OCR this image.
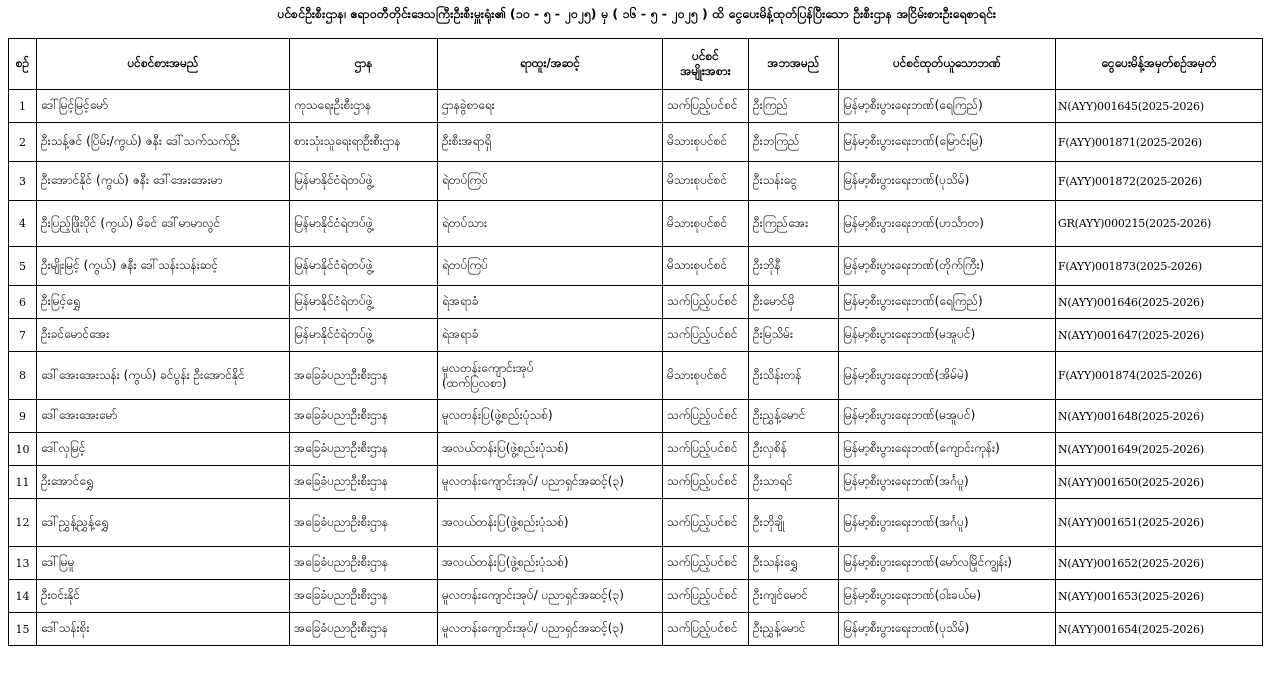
ပင်စင်ဦးစီးဌာန၊ ဧရာဝတီတိုင်းဒေသကြီးဦးစီးမှူးရုံး၏ (၁၀ - ၅ - ၂၀၂၅) မှ ( ၁၆ - ၅ - ၂၀၂၅ ) ထိ ငွေပေးမိန့်ထုတ်ပြန်ပြီးသော ဦးစီးဌာန အငြိမ်းစားဦးရေစာရင်း
စဉ်	ပင်စင်စားအမည်	ဌာန	ရာထူး/အဆင့်	ပင်စင်
အမျိုးအစား	အဘအမည်	ပင်စင်ထုတ်ယူသောဘဏ်	ငွေပေးမိန့်အမှတ်စဉ်အမှတ်
1	ဒေါ်မြင့်မြင့်မော်	ကုသရေးဦးစီးဌာန	ဌာနခွဲစာရေး	သက်ပြည့်ပင်စင်	ဦးကြည်	မြန်မာ့စီးပွားရေးဘဏ်(ရေကြည်)	N(AYY)001645(2025-2026)
2	ဦးသန့်ဇင် (ပြိမ်း/ကွယ်) ဇနီး ဒေါ်သက်သက်ဦး	စားသုံးသူရေးရာဦးစီးဌာန	ဦးစီးအရာရှိ	မိသားစုပင်စင်	ဦးဘကြည်	မြန်မာ့စီးပွားရေးဘဏ်(မြောင်းမြ)	F(AYY)001871(2025-2026)
3	ဦးအောင်နိုင် (ကွယ်) ဇနီး ဒေါ်အေးအေးမာ	မြန်မာနိုင်ငံရဲတပ်ဖွဲ့	ရဲတပ်ကြပ်	မိသားစုပင်စင်	ဦးသန်းငွေ	မြန်မာ့စီးပွားရေးဘဏ်(ပုသိမ်)	F(AYY)001872(2025-2026)
4	ဦးပြည့်ဖြိုးပိုင် (ကွယ်) မိခင် ဒေါ်မာမာလွင်	မြန်မာနိုင်ငံရဲတပ်ဖွဲ့	ရဲတပ်သား	မိသားစုပင်စင်	ဦးကြည်အေး	မြန်မာ့စီးပွားရေးဘဏ်(ဟင်္သာတ)	GR(AYY)000215(2025-2026)
5	ဦးမျိုးမြင့် (ကွယ်) ဇနီး ဒေါ်သန်းသန်းဆင့်	မြန်မာနိုင်ငံရဲတပ်ဖွဲ့	ရဲတပ်ကြပ်	မိသားစုပင်စင်	ဦးဘိုနီ	မြန်မာ့စီးပွားရေးဘဏ်(တိုက်ကြီး)	F(AYY)001873(2025-2026)
6	ဦးမြင့်ရွှေ	မြန်မာနိုင်ငံရဲတပ်ဖွဲ့	ရဲအရာခံ	သက်ပြည့်ပင်စင်	ဦးမောင်မှိ	မြန်မာ့စီးပွားရေးဘဏ်(ရေကြည်)	N(AYY)001646(2025-2026)
7	ဦးခင်မောင်အေး	မြန်မာနိုင်ငံရဲတပ်ဖွဲ့	ရဲအရာခံ	သက်ပြည့်ပင်စင်	ဦးမြသိမ်း	မြန်မာ့စီးပွားရေးဘဏ်(မအူပင်)	N(AYY)001647(2025-2026)
8	ဒေါ်အေးအေးသန်း (ကွယ်) ခင်ပွန်း ဦးအောင်နိုင်	အခြေခံပညာဦးစီးဌာန	မူလတန်းကျောင်းအုပ်
(ထက်ပြလစာ)	မိသားစုပင်စင်	ဦးသိန်းတန်	မြန်မာ့စီးပွားရေးဘဏ်(အိမ်မဲ)	F(AYY)001874(2025-2026)
9	ဒေါ်အေးအေးမော်	အခြေခံပညာဦးစီးဌာန	မူလတန်းပြ(ဖွဲ့စည်းပုံသစ်)	သက်ပြည့်ပင်စင်	ဦးညွှန့်မောင်	မြန်မာ့စီးပွားရေးဘဏ်(မအူပင်)	N(AYY)001648(2025-2026)
10	ဒေါ်လှမြင့်	အခြေခံပညာဦးစီးဌာန	အလယ်တန်းပြ(ဖွဲ့စည်းပုံသစ်)	သက်ပြည့်ပင်စင်	ဦးလှစိန်	မြန်မာ့စီးပွားရေးဘဏ်(ကျောင်းကုန်း)	N(AYY)001649(2025-2026)
11	ဦးအောင်ရွှေ	အခြေခံပညာဦးစီးဌာန	မူလတန်းကျောင်းအုပ်/ ပညာရှင်အဆင့်(၃)	သက်ပြည့်ပင်စင်	ဦးသာရင်	မြန်မာ့စီးပွားရေးဘဏ်(အင်္ဂပူ)	N(AYY)001650(2025-2026)
12	ဒေါ်ညွှန့်ညွှန့်ရွှေ	အခြေခံပညာဦးစီးဌာန	အလယ်တန်းပြ(ဖွဲ့စည်းပုံသစ်)	သက်ပြည့်ပင်စင်	ဦးဘိုချို	မြန်မာ့စီးပွားရေးဘဏ်(အင်္ဂပူ)	N(AYY)001651(2025-2026)
13	ဒေါ်မြမူ	အခြေခံပညာဦးစီးဌာန	အလယ်တန်းပြ(ဖွဲ့စည်းပုံသစ်)	သက်ပြည့်ပင်စင်	ဦးသန်းရွှေ	မြန်မာ့စီးပွားရေးဘဏ်(မော်လမြိုင်ကျွန်း)	N(AYY)001652(2025-2026)
14	ဦးဝင်းနိုင်	အခြေခံပညာဦးစီးဌာန	မူလတန်းကျောင်းအုပ်/ ပညာရှင်အဆင့်(၃)	သက်ပြည့်ပင်စင်	ဦးကျင်မောင်	မြန်မာ့စီးပွားရေးဘဏ်(ဝါးခယ်မ)	N(AYY)001653(2025-2026)
15	ဒေါ်သန်းစိုး	အခြေခံပညာဦးစီးဌာန	မူလတန်းကျောင်းအုပ်/ ပညာရှင်အဆင့်(၃)	သက်ပြည့်ပင်စင်	ဦးညွှန့်မောင်	မြန်မာ့စီးပွားရေးဘဏ်(ပုသိမ်)	N(AYY)001654(2025-2026)
